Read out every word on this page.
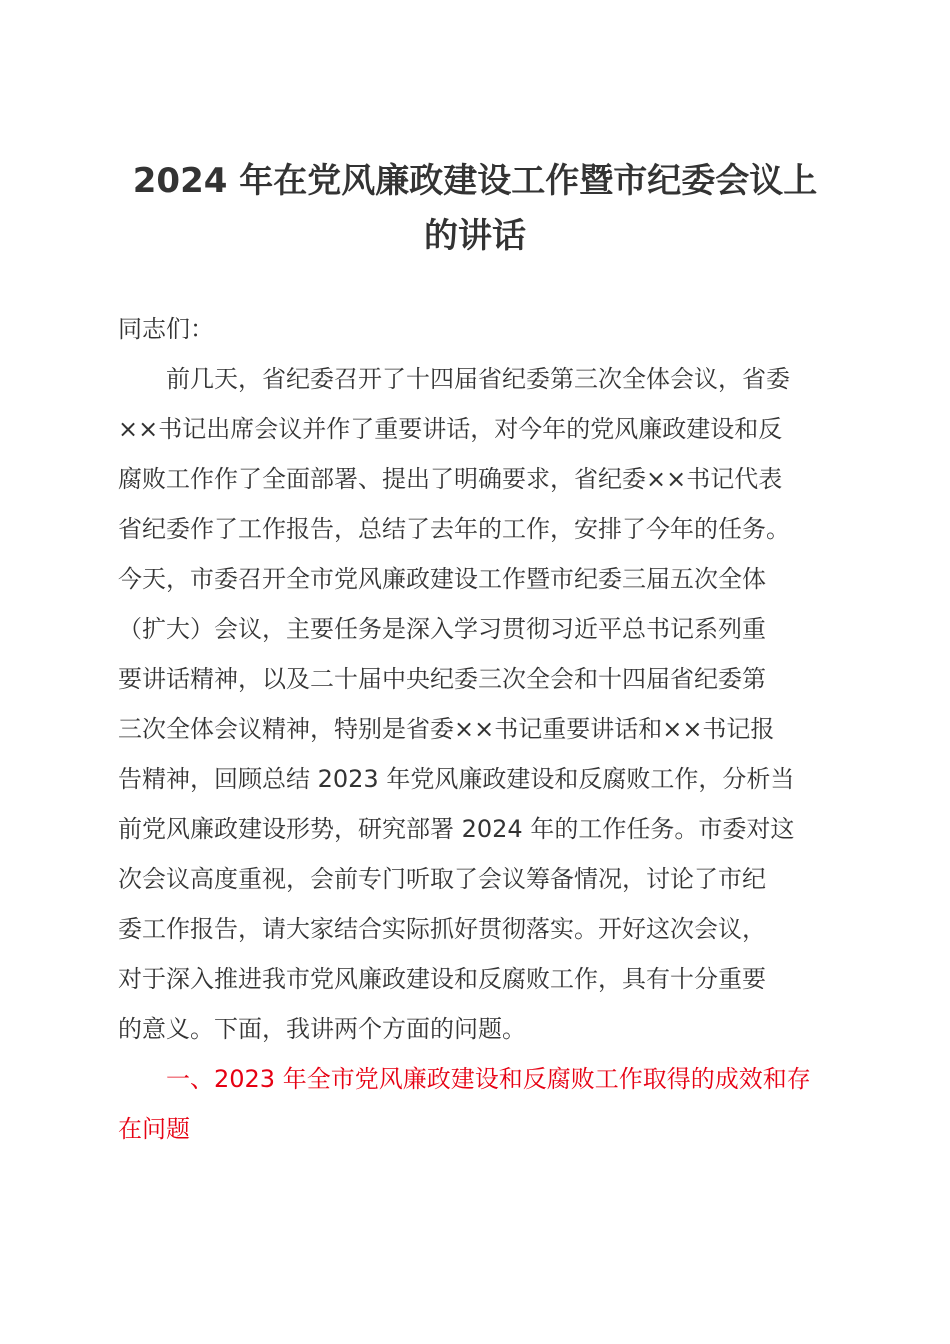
2024 年在党风廉政建设工作暨市纪委会议上
的讲话

同志们：

　　前几天，省纪委召开了十四届省纪委第三次全体会议，省委
××书记出席会议并作了重要讲话，对今年的党风廉政建设和反
腐败工作作了全面部署、提出了明确要求，省纪委××书记代表
省纪委作了工作报告，总结了去年的工作，安排了今年的任务。
今天，市委召开全市党风廉政建设工作暨市纪委三届五次全体
（扩大）会议，主要任务是深入学习贯彻习近平总书记系列重
要讲话精神，以及二十届中央纪委三次全会和十四届省纪委第
三次全体会议精神，特别是省委××书记重要讲话和××书记报
告精神，回顾总结 2023 年党风廉政建设和反腐败工作，分析当
前党风廉政建设形势，研究部署 2024 年的工作任务。市委对这
次会议高度重视，会前专门听取了会议筹备情况，讨论了市纪
委工作报告，请大家结合实际抓好贯彻落实。开好这次会议，
对于深入推进我市党风廉政建设和反腐败工作，具有十分重要
的意义。下面，我讲两个方面的问题。
　　一、2023 年全市党风廉政建设和反腐败工作取得的成效和存
在问题
